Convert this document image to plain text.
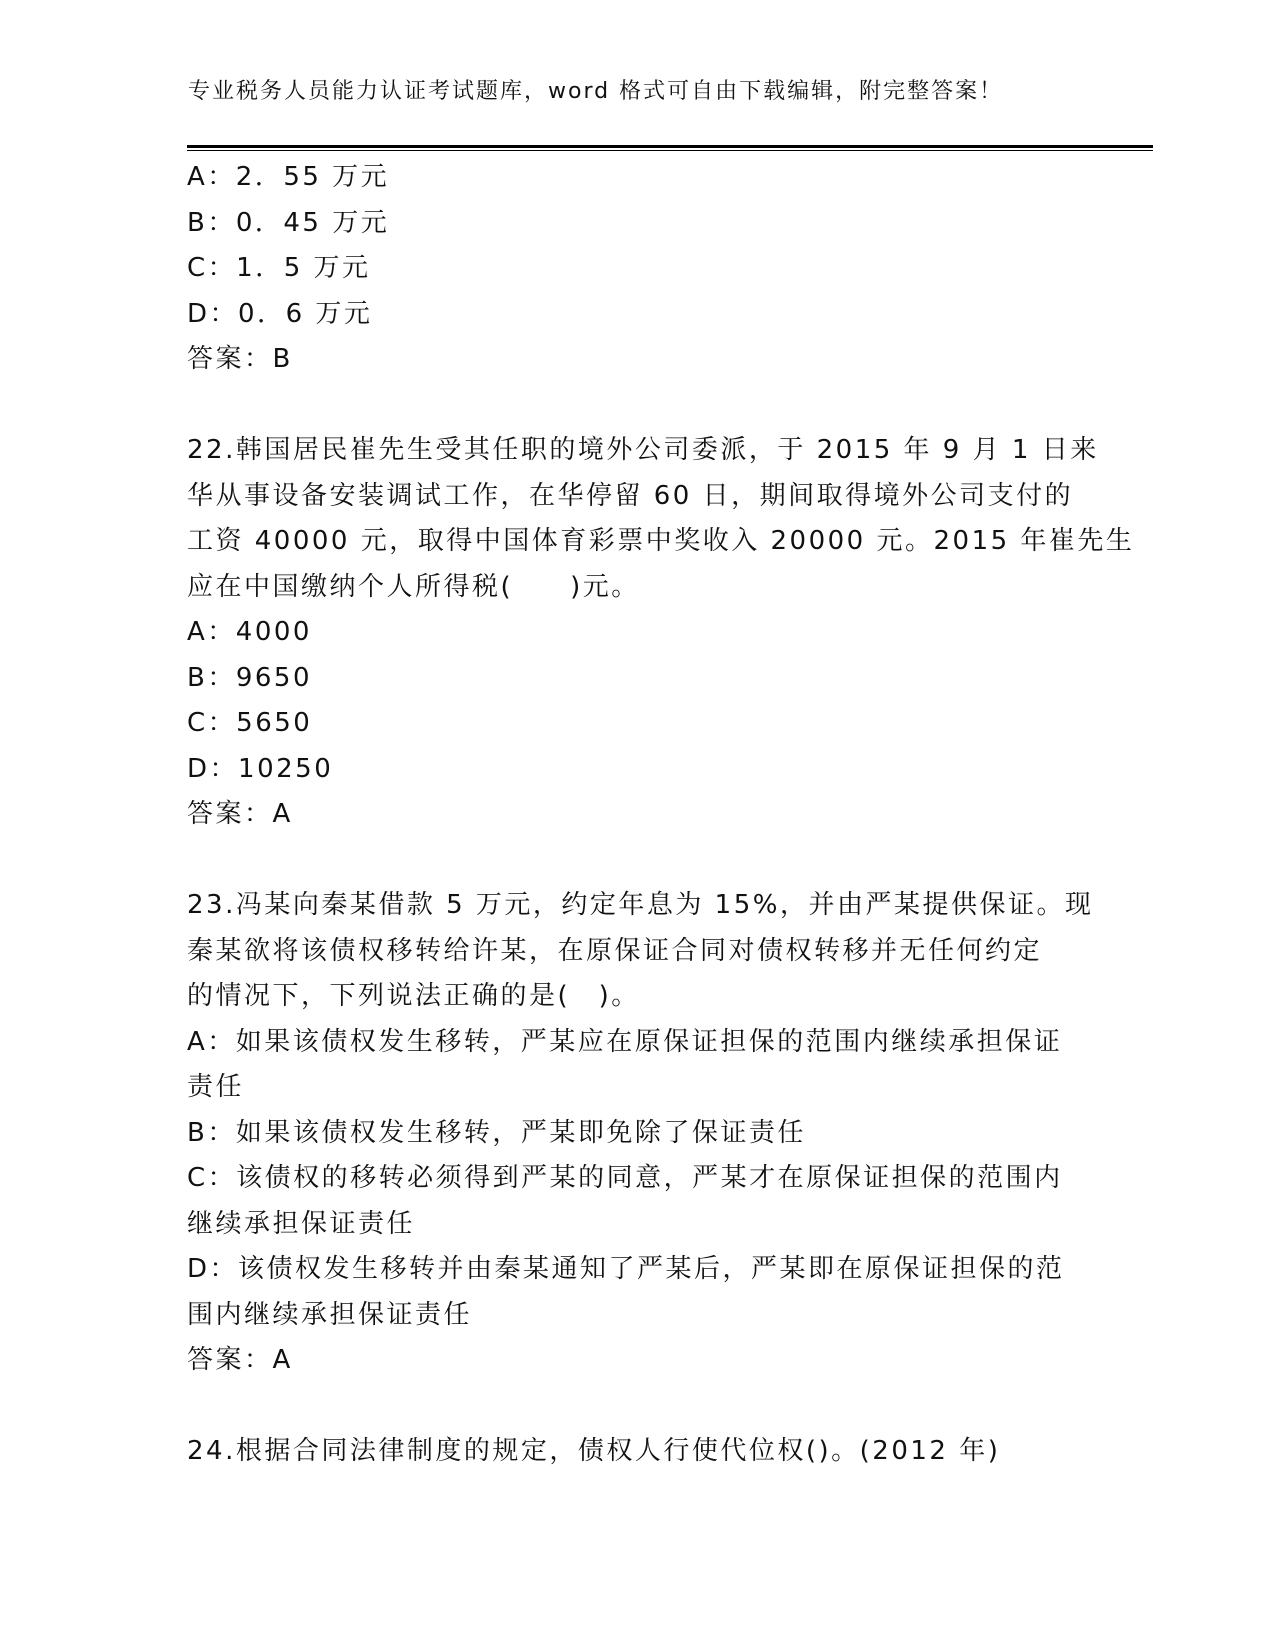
专业税务人员能力认证考试题库，word 格式可自由下载编辑，附完整答案！

A：2．55 万元

B：0．45 万元

C：1．5 万元

D：0．6 万元

答案：B

22.韩国居民崔先生受其任职的境外公司委派，于 2015 年 9 月 1 日来

华从事设备安装调试工作，在华停留 60 日，期间取得境外公司支付的

工资 40000 元，取得中国体育彩票中奖收入 20000 元。2015 年崔先生

应在中国缴纳个人所得税(　　)元。

A：4000

B：9650

C：5650

D：10250

答案：A

23.冯某向秦某借款 5 万元，约定年息为 15%，并由严某提供保证。现

秦某欲将该债权移转给许某，在原保证合同对债权转移并无任何约定

的情况下，下列说法正确的是(　)。

A：如果该债权发生移转，严某应在原保证担保的范围内继续承担保证

责任

B：如果该债权发生移转，严某即免除了保证责任

C：该债权的移转必须得到严某的同意，严某才在原保证担保的范围内

继续承担保证责任

D：该债权发生移转并由秦某通知了严某后，严某即在原保证担保的范

围内继续承担保证责任

答案：A

24.根据合同法律制度的规定，债权人行使代位权()。(2012 年)
